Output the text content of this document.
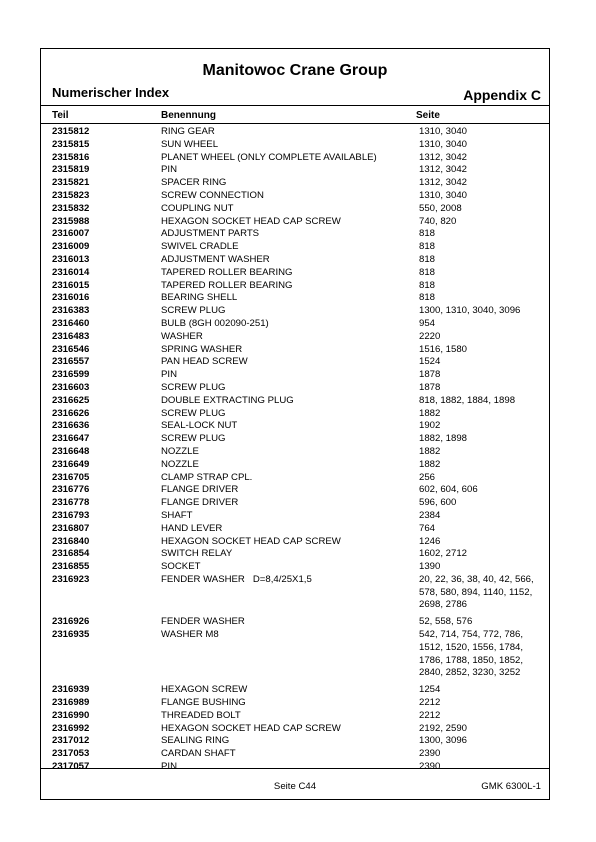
Manitowoc Crane Group
Numerischer Index	Appendix C
Teil	Benennung	Seite
2315812	RING GEAR	1310, 3040
2315815	SUN WHEEL	1310, 3040
2315816	PLANET WHEEL (ONLY COMPLETE AVAILABLE)	1312, 3042
2315819	PIN	1312, 3042
2315821	SPACER RING	1312, 3042
2315823	SCREW CONNECTION	1310, 3040
2315832	COUPLING NUT	550, 2008
2315988	HEXAGON SOCKET HEAD CAP SCREW	740, 820
2316007	ADJUSTMENT PARTS	818
2316009	SWIVEL CRADLE	818
2316013	ADJUSTMENT WASHER	818
2316014	TAPERED ROLLER BEARING	818
2316015	TAPERED ROLLER BEARING	818
2316016	BEARING SHELL	818
2316383	SCREW PLUG	1300, 1310, 3040, 3096
2316460	BULB (8GH 002090-251)	954
2316483	WASHER	2220
2316546	SPRING WASHER	1516, 1580
2316557	PAN HEAD SCREW	1524
2316599	PIN	1878
2316603	SCREW PLUG	1878
2316625	DOUBLE EXTRACTING PLUG	818, 1882, 1884, 1898
2316626	SCREW PLUG	1882
2316636	SEAL-LOCK NUT	1902
2316647	SCREW PLUG	1882, 1898
2316648	NOZZLE	1882
2316649	NOZZLE	1882
2316705	CLAMP STRAP CPL.	256
2316776	FLANGE DRIVER	602, 604, 606
2316778	FLANGE DRIVER	596, 600
2316793	SHAFT	2384
2316807	HAND LEVER	764
2316840	HEXAGON SOCKET HEAD CAP SCREW	1246
2316854	SWITCH RELAY	1602, 2712
2316855	SOCKET	1390
2316923	FENDER WASHER   D=8,4/25X1,5	20, 22, 36, 38, 40, 42, 566, 578, 580, 894, 1140, 1152, 2698, 2786
2316926	FENDER WASHER	52, 558, 576
2316935	WASHER M8	542, 714, 754, 772, 786, 1512, 1520, 1556, 1784, 1786, 1788, 1850, 1852, 2840, 2852, 3230, 3252
2316939	HEXAGON SCREW	1254
2316989	FLANGE BUSHING	2212
2316990	THREADED BOLT	2212
2316992	HEXAGON SOCKET HEAD CAP SCREW	2192, 2590
2317012	SEALING RING	1300, 3096
2317053	CARDAN SHAFT	2390
2317057	PIN	2390
Seite C44	GMK 6300L-1
